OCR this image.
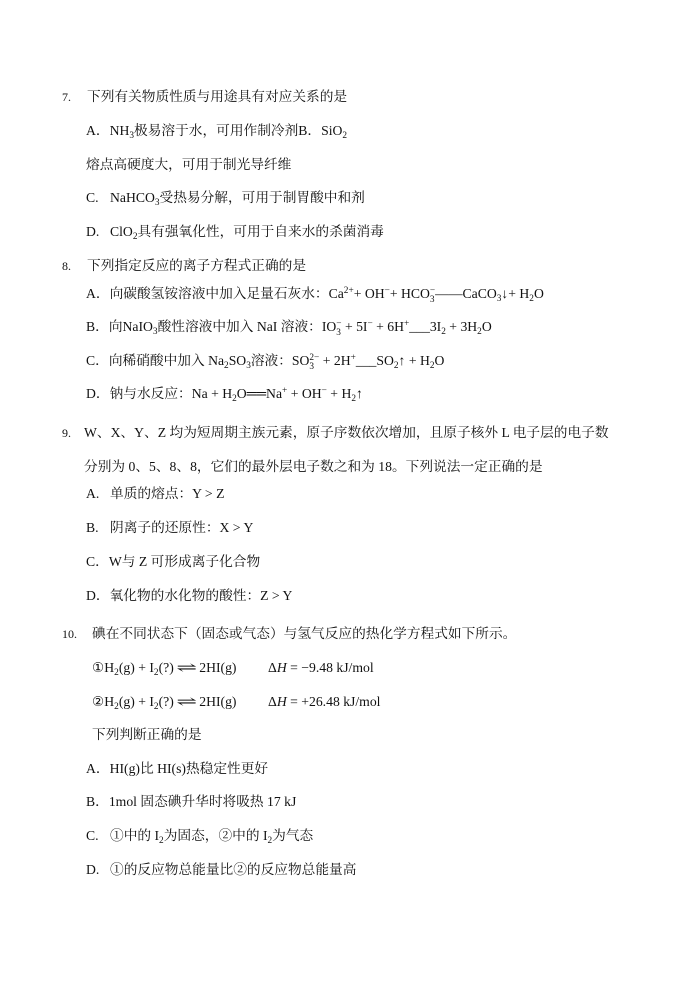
7. 下列有关物质性质与用途具有对应关系的是
A．$NH_3$极易溶于水，可用作制冷剂B．SiO$_2$
熔点高硬度大，可用于制光导纤维
C. NaHCO$_3$受热易分解，可用于制胃酸中和剂
D. ClO$_2$具有强氧化性，可用于自来水的杀菌消毒
8. 下列指定反应的离子方程式正确的是
A．向碳酸氢铵溶液中加入足量石灰水：$Ca^{2+}+ OH^-+$ HCO −
3 ——CaCO$_3$↓+ $H_2O$
B．向NaIO$_3$酸性溶液中加入 NaI 溶液：IO −
$3 + 5I^- + 6H^+\_\_\_3I_2 + 3H_2O$
C．向稀硝酸中加入 $Na_2SO_3$溶液：SO 2−
$3 + 2H^+\_\_\_SO_2↑ + H_2O$
D．钠与水反应：$Na + H_2O══Na^+ + OH^-$ + $H_2↑$
9. W、X、Y、Z 均为短周期主族元素，原子序数依次增加，且原子核外 L 电子层的电子数
分别为 0、5、8、8，它们的最外层电子数之和为 18。下列说法一定正确的是
A. 单质的熔点：Y > Z
B. 阴离子的还原性：X > Y
C．W与 Z 可形成离子化合物
D．氧化物的水化物的酸性：Z > Y
10. 碘在不同状态下（固态或气态）与氢气反应的热化学方程式如下所示。
$①H_2(g)$ + $I_2(?)$ ⇌ 2HI(g) ΔH = −9.48 kJ/mol
$②H_2(g)$ + $I_2(?)$ ⇌ 2HI(g) ΔH = +26.48 kJ/mol
下列判断正确的是
A．HI(g)比 HI(s)热稳定性更好
B．1mol 固态碘升华时将吸热 17 kJ
C. ①中的 $I_2$为固态，②中的 $I_2$为气态
D. ①的反应物总能量比②的反应物总能量高
